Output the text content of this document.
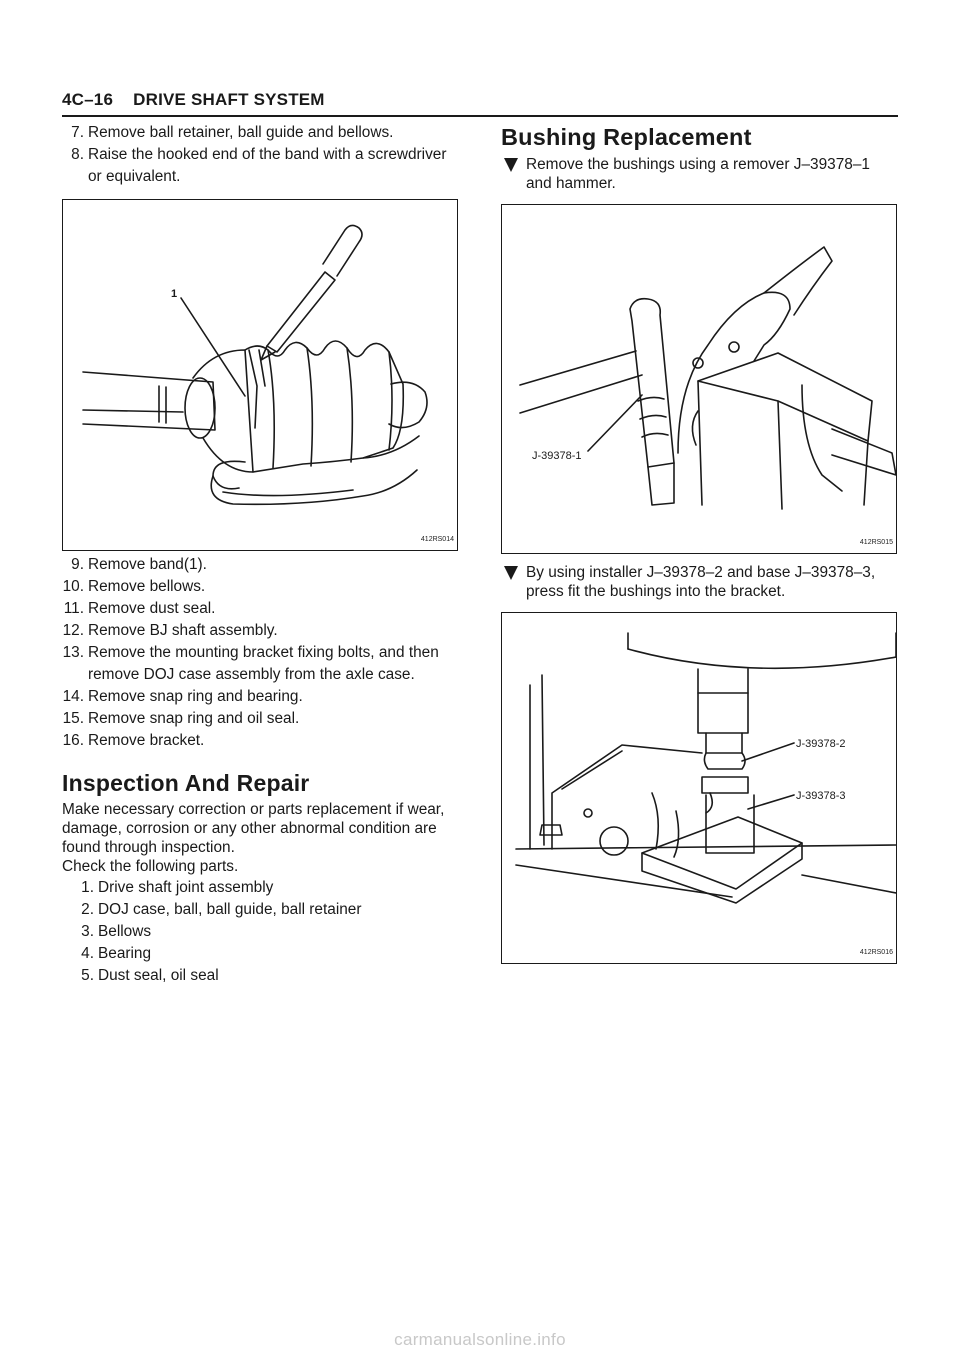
4C–16 DRIVE SHAFT SYSTEM
7. Remove ball retainer, ball guide and bellows.
8. Raise the hooked end of the band with a screwdriver or equivalent.
1
412RS014
9. Remove band(1).
10. Remove bellows.
11. Remove dust seal.
12. Remove BJ shaft assembly.
13. Remove the mounting bracket fixing bolts, and then remove DOJ case assembly from the axle case.
14. Remove snap ring and bearing.
15. Remove snap ring and oil seal.
16. Remove bracket.
Inspection And Repair

Make necessary correction or parts replacement if wear, damage, corrosion or any other abnormal condition are found through inspection.

Check the following parts.

1. Drive shaft joint assembly
2. DOJ case, ball, ball guide, ball retainer
3. Bellows
4. Bearing
5. Dust seal, oil seal
Bushing Replacement
Remove the bushings using a remover J–39378–1 and hammer.
J-39378-1
412RS015
By using installer J–39378–2 and base J–39378–3, press fit the bushings into the bracket.
J-39378-2
J-39378-3
412RS016
carmanualsonline.info
